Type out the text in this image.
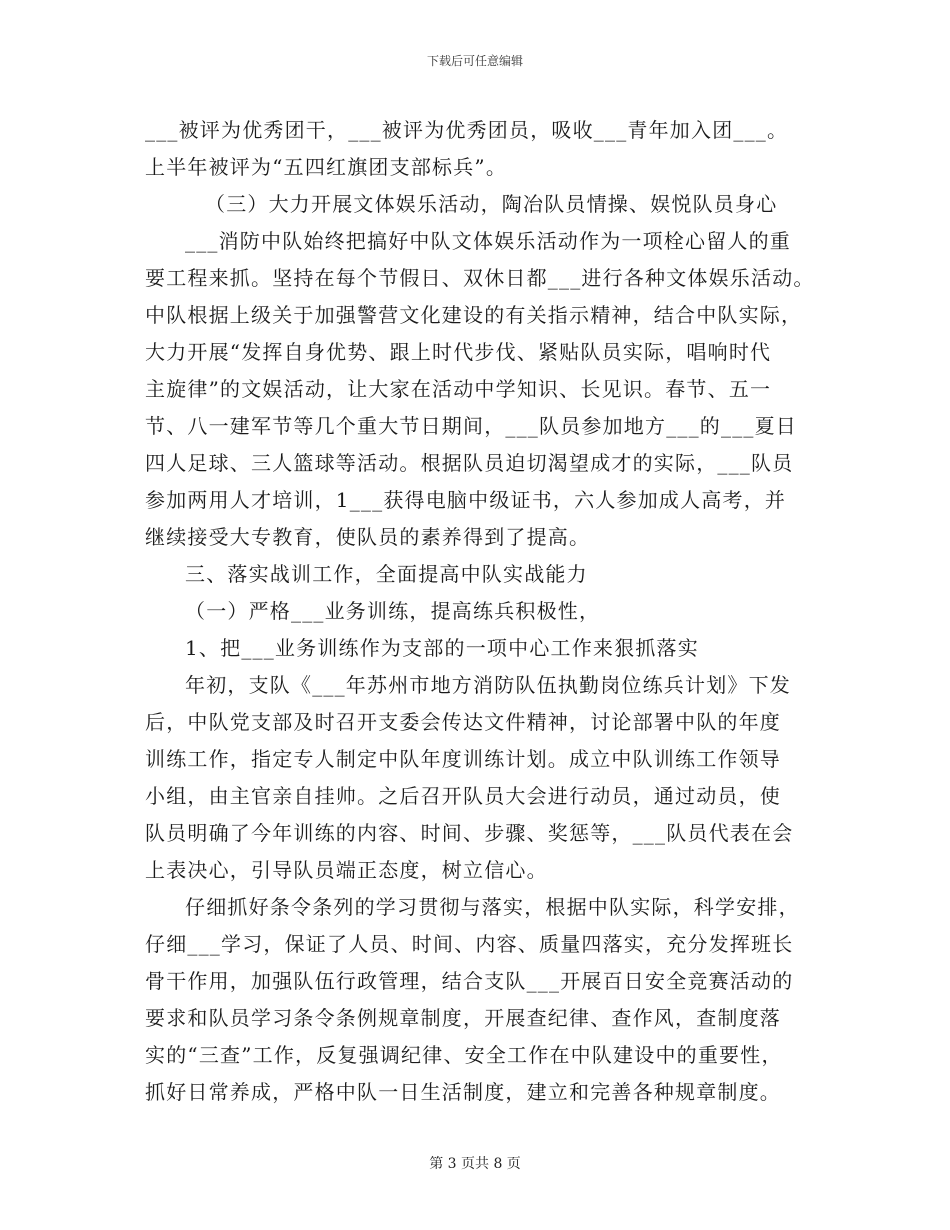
下载后可任意编辑
___被评为优秀团干，___被评为优秀团员，吸收___青年加入团___。
上半年被评为“五四红旗团支部标兵”。
（三）大力开展文体娱乐活动，陶冶队员情操、娱悦队员身心
___消防中队始终把搞好中队文体娱乐活动作为一项栓心留人的重
要工程来抓。坚持在每个节假日、双休日都___进行各种文体娱乐活动。
中队根据上级关于加强警营文化建设的有关指示精神，结合中队实际，
大力开展“发挥自身优势、跟上时代步伐、紧贴队员实际，唱响时代
主旋律”的文娱活动，让大家在活动中学知识、长见识。春节、五一
节、八一建军节等几个重大节日期间，___队员参加地方___的___夏日
四人足球、三人篮球等活动。根据队员迫切渴望成才的实际，___队员
参加两用人才培训，1___获得电脑中级证书，六人参加成人高考，并
继续接受大专教育，使队员的素养得到了提高。
三、落实战训工作，全面提高中队实战能力
（一）严格___业务训练，提高练兵积极性，
1、把___业务训练作为支部的一项中心工作来狠抓落实
年初，支队《___年苏州市地方消防队伍执勤岗位练兵计划》下发
后，中队党支部及时召开支委会传达文件精神，讨论部署中队的年度
训练工作，指定专人制定中队年度训练计划。成立中队训练工作领导
小组，由主官亲自挂帅。之后召开队员大会进行动员，通过动员，使
队员明确了今年训练的内容、时间、步骤、奖惩等，___队员代表在会
上表决心，引导队员端正态度，树立信心。
仔细抓好条令条列的学习贯彻与落实，根据中队实际，科学安排，
仔细___学习，保证了人员、时间、内容、质量四落实，充分发挥班长
骨干作用，加强队伍行政管理，结合支队___开展百日安全竞赛活动的
要求和队员学习条令条例规章制度，开展查纪律、查作风，查制度落
实的“三查”工作，反复强调纪律、安全工作在中队建设中的重要性，
抓好日常养成，严格中队一日生活制度，建立和完善各种规章制度。
第 3 页共 8 页
